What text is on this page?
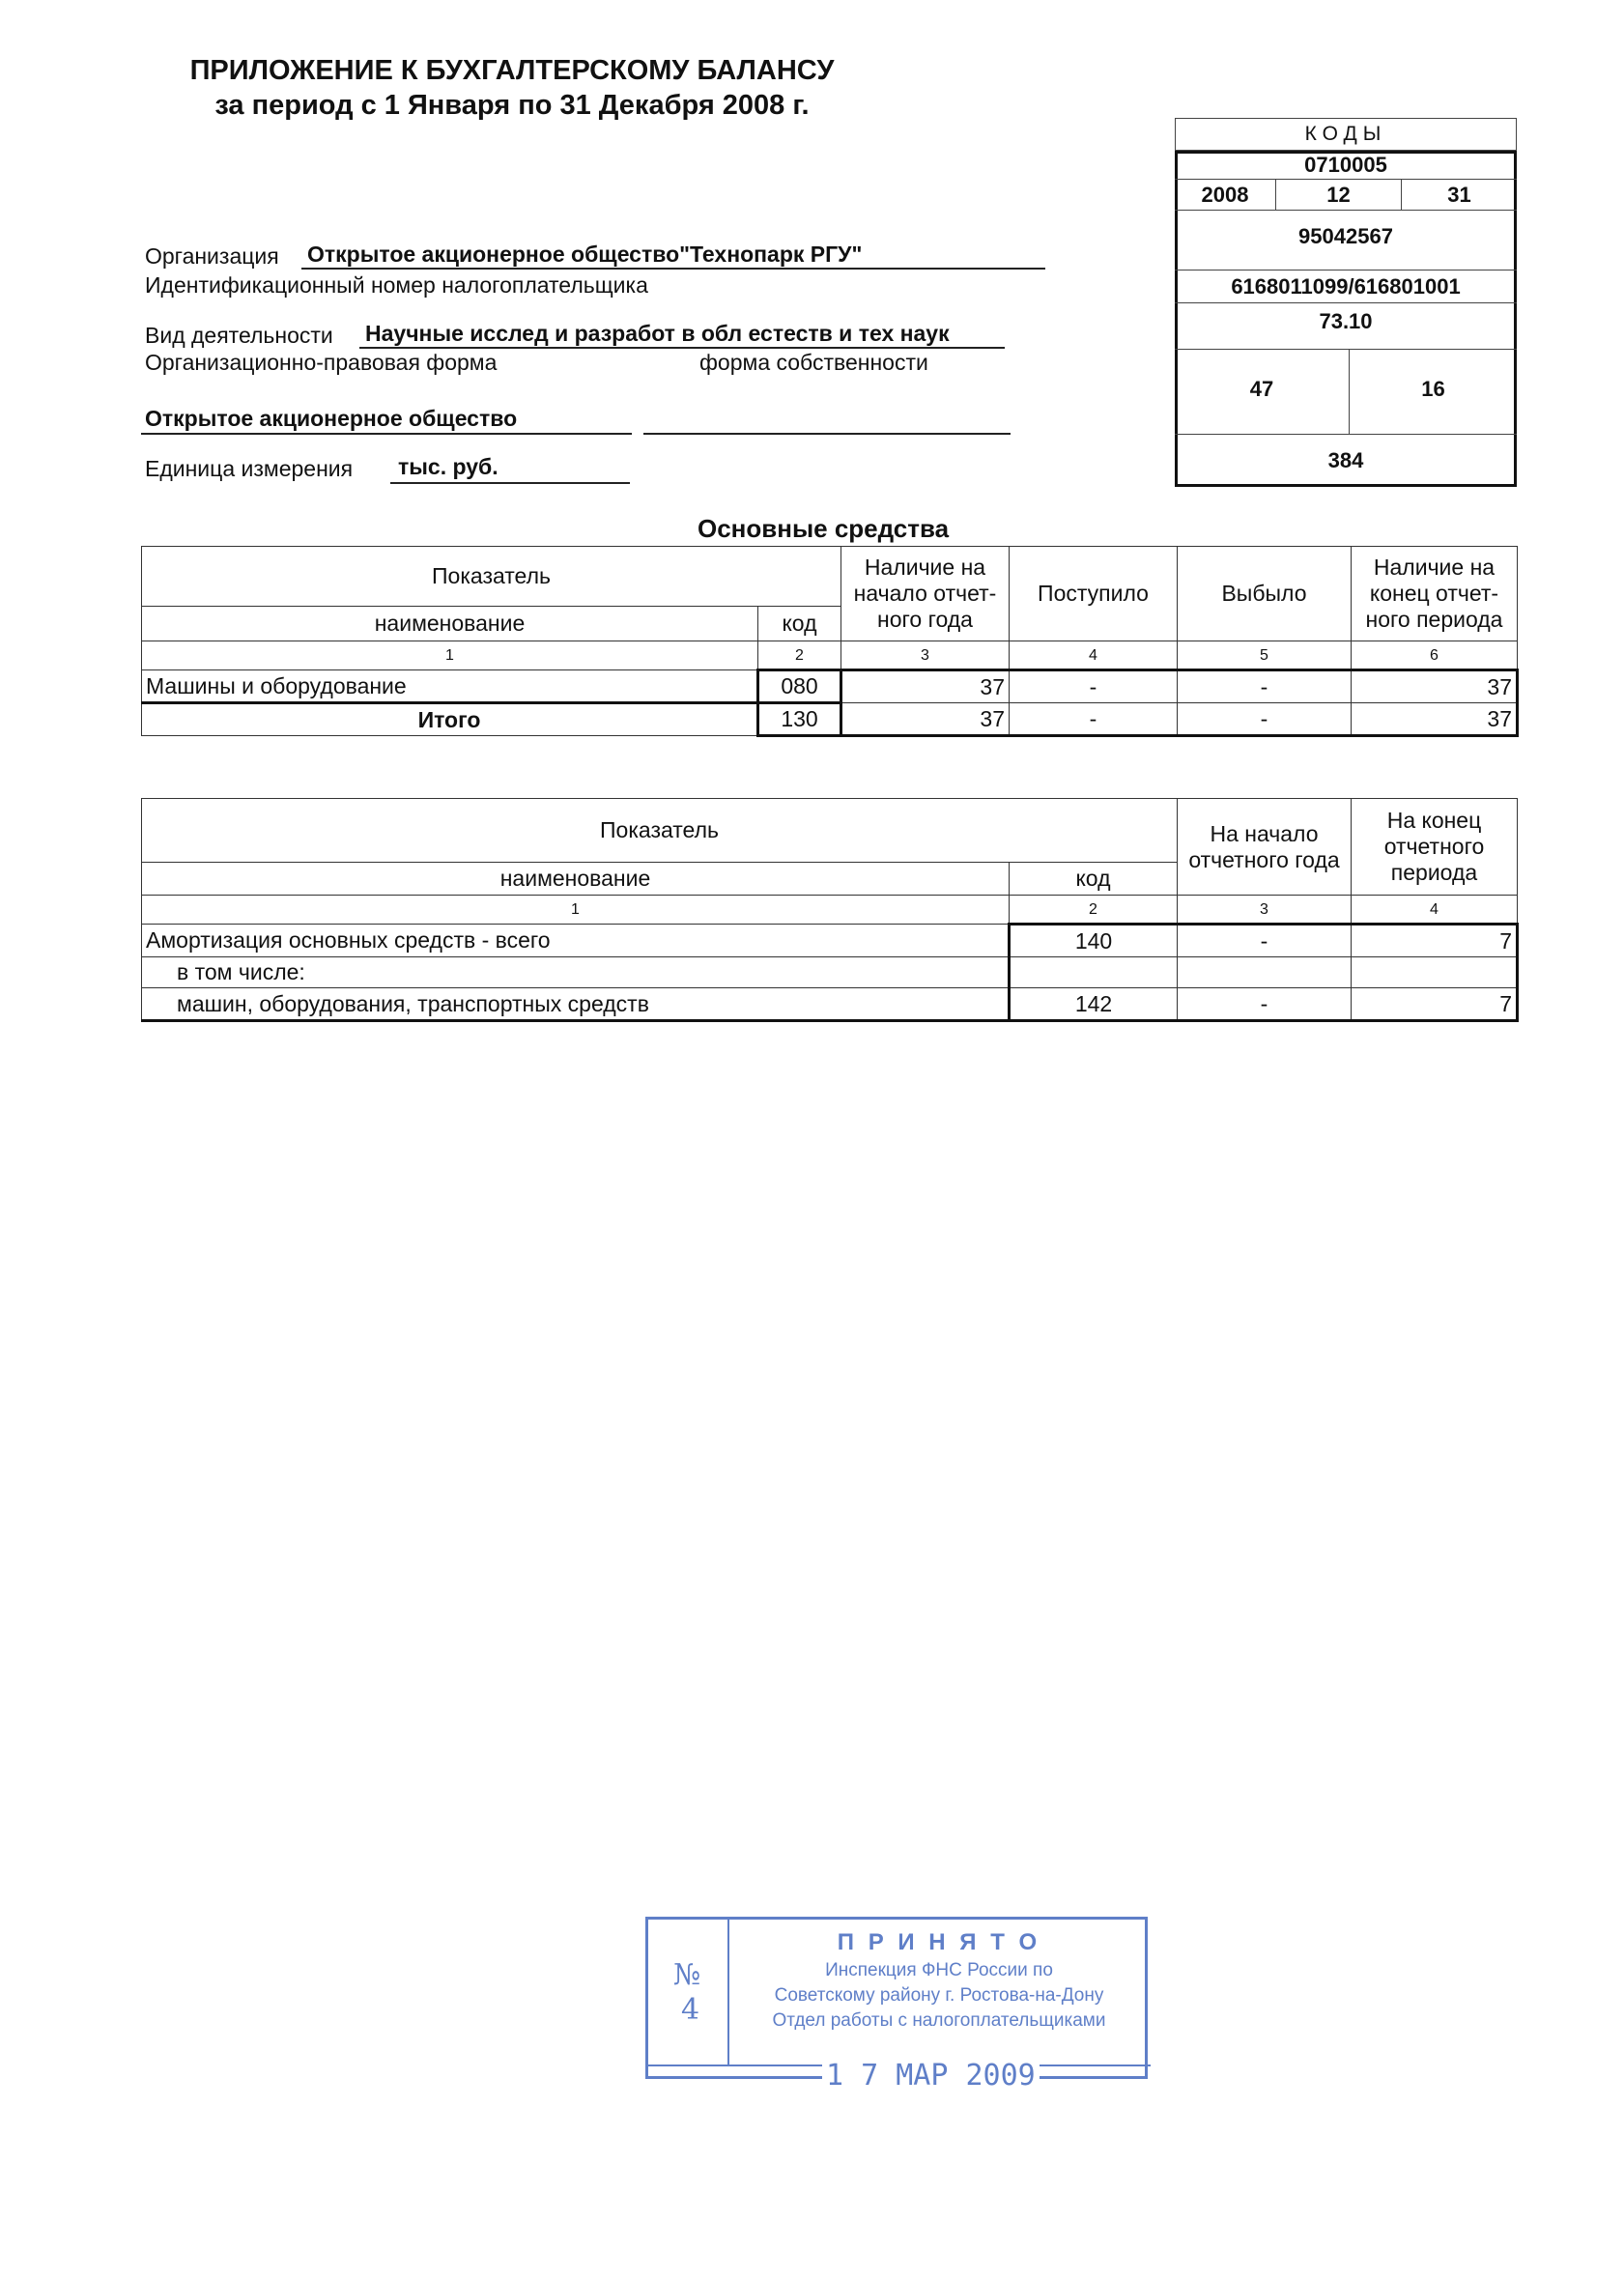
ПРИЛОЖЕНИЕ К БУХГАЛТЕРСКОМУ БАЛАНСУ
за период с 1 Января по 31 Декабря 2008 г.
КОДЫ
0710005
2008	12	31
95042567
6168011099/616801001
73.10
47	16
384
Организация Открытое акционерное общество"Технопарк РГУ"
Идентификационный номер налогоплательщика
Вид деятельности Научные исслед и разработ в обл естеств и тех наук
Организационно-правовая форма	форма собственности
Открытое акционерное общество
Единица измерения тыс. руб.
Основные средства
Показатель		Наличие на начало отчет-ного года	Поступило	Выбыло	Наличие на конец отчет-ного периода
наименование	код				
1	2	3	4	5	6
Машины и оборудование	080	37	-	-	37
Итого	130	37	-	-	37
Показатель		На начало отчетного года	На конец отчетного периода
наименование	код		
1	2	3	4
Амортизация основных средств - всего	140	-	7
в том числе:			
машин, оборудования, транспортных средств	142	-	7
№
4
П Р И Н Я Т О
Инспекция ФНС России по
Советскому району г. Ростова-на-Дону
Отдел работы с налогоплательщиками
1 7 МАР 2009
